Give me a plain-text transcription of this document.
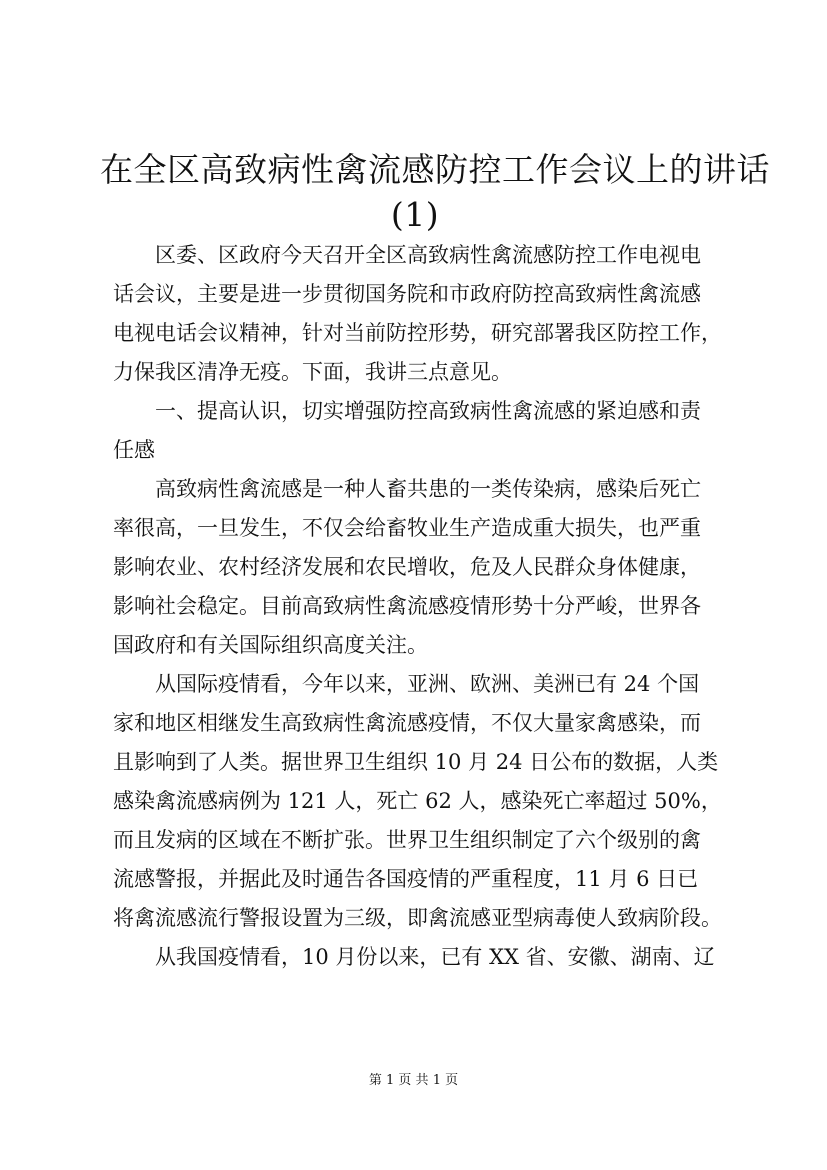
在全区高致病性禽流感防控工作会议上的讲话
(1)

区委、区政府今天召开全区高致病性禽流感防控工作电视电
话会议，主要是进一步贯彻国务院和市政府防控高致病性禽流感
电视电话会议精神，针对当前防控形势，研究部署我区防控工作，
力保我区清净无疫。下面，我讲三点意见。

一、提高认识，切实增强防控高致病性禽流感的紧迫感和责
任感

高致病性禽流感是一种人畜共患的一类传染病，感染后死亡
率很高，一旦发生，不仅会给畜牧业生产造成重大损失，也严重
影响农业、农村经济发展和农民增收，危及人民群众身体健康，
影响社会稳定。目前高致病性禽流感疫情形势十分严峻，世界各
国政府和有关国际组织高度关注。

从国际疫情看，今年以来，亚洲、欧洲、美洲已有 24 个国
家和地区相继发生高致病性禽流感疫情，不仅大量家禽感染，而
且影响到了人类。据世界卫生组织 10 月 24 日公布的数据，人类
感染禽流感病例为 121 人，死亡 62 人，感染死亡率超过 50%，
而且发病的区域在不断扩张。世界卫生组织制定了六个级别的禽
流感警报，并据此及时通告各国疫情的严重程度，11 月 6 日已
将禽流感流行警报设置为三级，即禽流感亚型病毒使人致病阶段。

从我国疫情看，10 月份以来，已有 XX 省、安徽、湖南、辽

第 1 页 共 1 页
